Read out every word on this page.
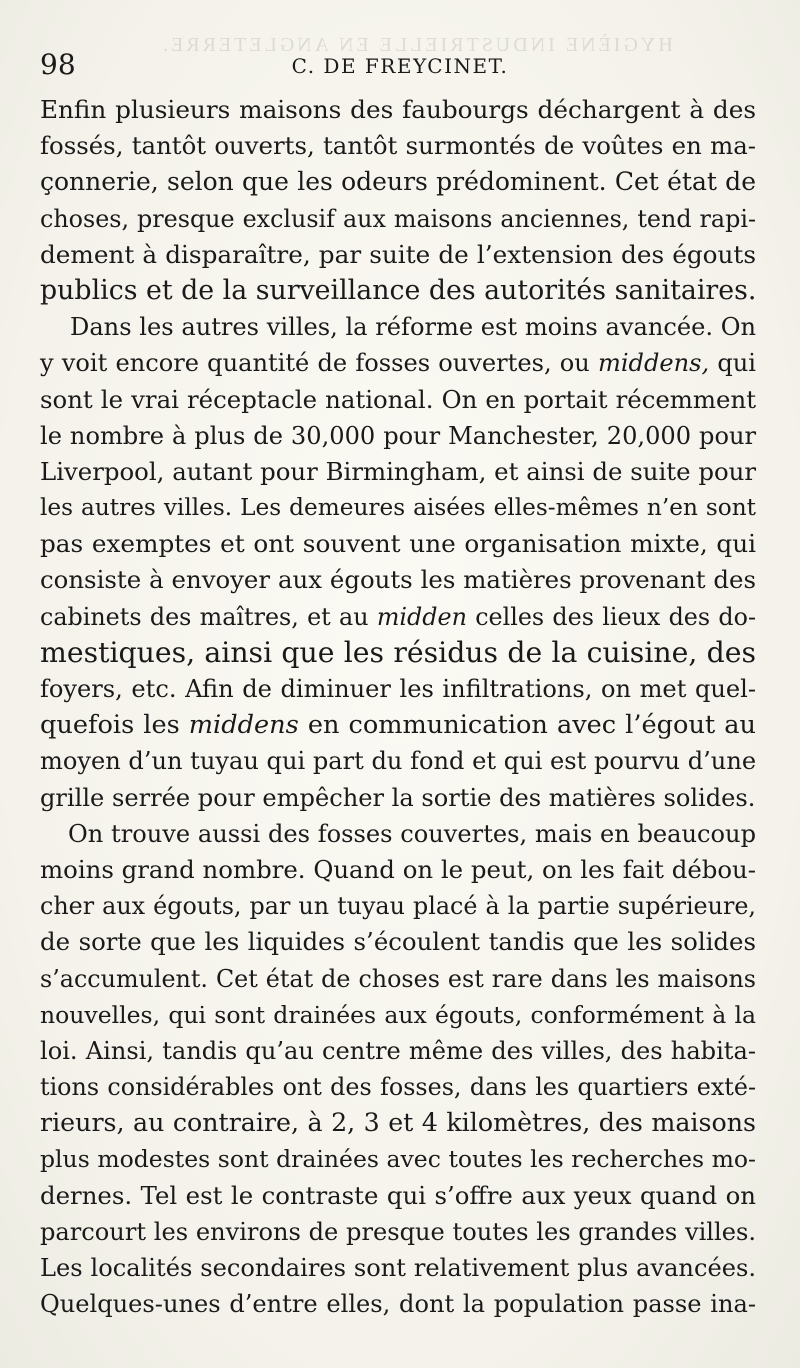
HYGIÈNE INDUSTRIELLE EN ANGLETERRE.
98	C. DE FREYCINET.
Enfin plusieurs maisons des faubourgs déchargent à des
fossés, tantôt ouverts, tantôt surmontés de voûtes en ma-
çonnerie, selon que les odeurs prédominent. Cet état de
choses, presque exclusif aux maisons anciennes, tend rapi-
dement à disparaître, par suite de l’extension des égouts
publics et de la surveillance des autorités sanitaires.
Dans les autres villes, la réforme est moins avancée. On
y voit encore quantité de fosses ouvertes, ou middens, qui
sont le vrai réceptacle national. On en portait récemment
le nombre à plus de 30,000 pour Manchester, 20,000 pour
Liverpool, autant pour Birmingham, et ainsi de suite pour
les autres villes. Les demeures aisées elles-mêmes n’en sont
pas exemptes et ont souvent une organisation mixte, qui
consiste à envoyer aux égouts les matières provenant des
cabinets des maîtres, et au midden celles des lieux des do-
mestiques, ainsi que les résidus de la cuisine, des
foyers, etc. Afin de diminuer les infiltrations, on met quel-
quefois les middens en communication avec l’égout au
moyen d’un tuyau qui part du fond et qui est pourvu d’une
grille serrée pour empêcher la sortie des matières solides.
On trouve aussi des fosses couvertes, mais en beaucoup
moins grand nombre. Quand on le peut, on les fait débou-
cher aux égouts, par un tuyau placé à la partie supérieure,
de sorte que les liquides s’écoulent tandis que les solides
s’accumulent. Cet état de choses est rare dans les maisons
nouvelles, qui sont drainées aux égouts, conformément à la
loi. Ainsi, tandis qu’au centre même des villes, des habita-
tions considérables ont des fosses, dans les quartiers exté-
rieurs, au contraire, à 2, 3 et 4 kilomètres, des maisons
plus modestes sont drainées avec toutes les recherches mo-
dernes. Tel est le contraste qui s’offre aux yeux quand on
parcourt les environs de presque toutes les grandes villes.
Les localités secondaires sont relativement plus avancées.
Quelques-unes d’entre elles, dont la population passe ina-
